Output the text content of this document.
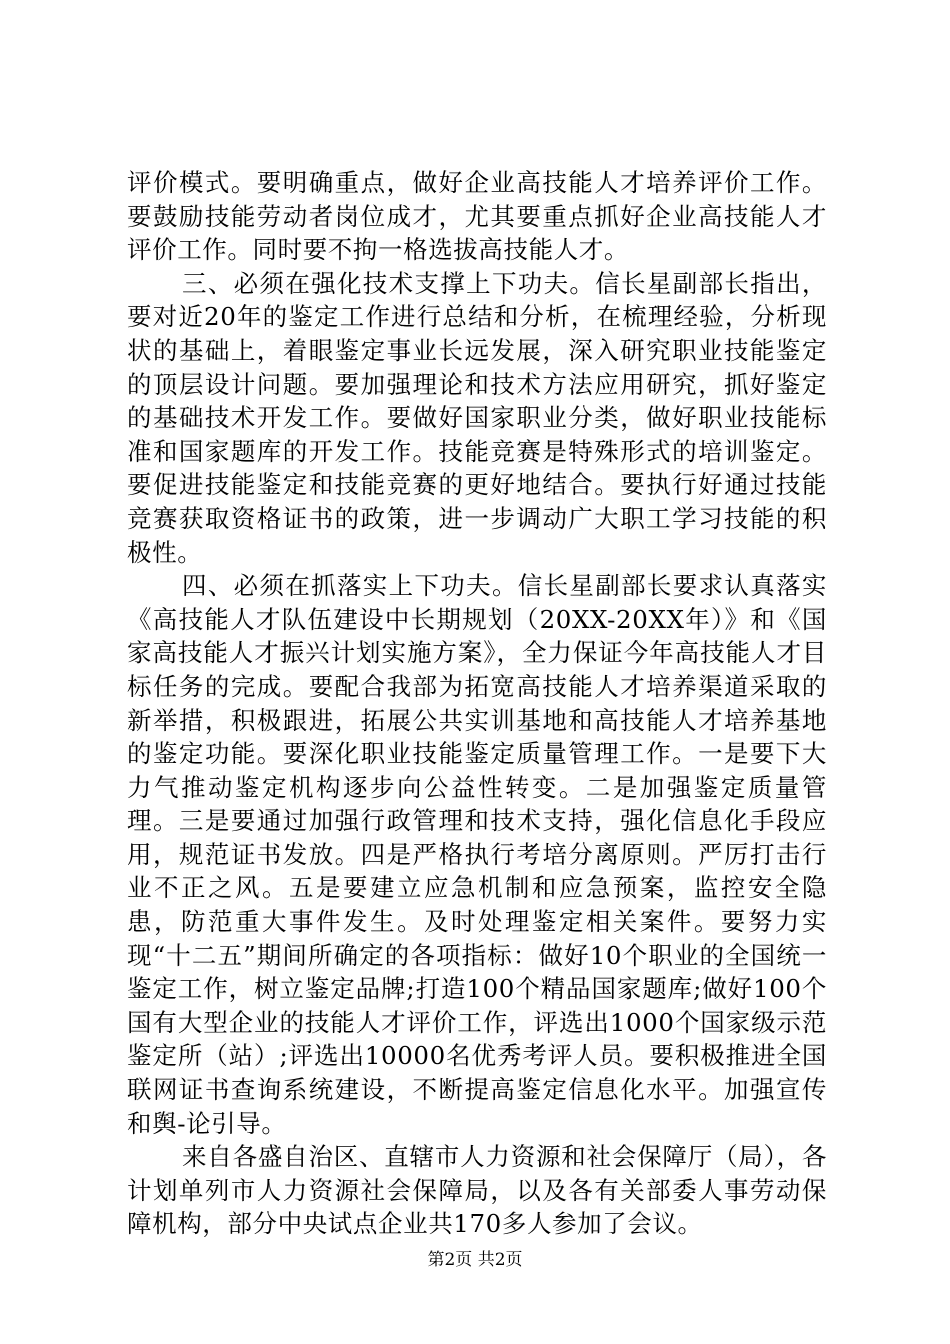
评价模式。要明确重点，做好企业高技能人才培养评价工作。要鼓励技能劳动者岗位成才，尤其要重点抓好企业高技能人才评价工作。同时要不拘一格选拔高技能人才。

三、必须在强化技术支撑上下功夫。信长星副部长指出，要对近20年的鉴定工作进行总结和分析，在梳理经验，分析现状的基础上，着眼鉴定事业长远发展，深入研究职业技能鉴定的顶层设计问题。要加强理论和技术方法应用研究，抓好鉴定的基础技术开发工作。要做好国家职业分类，做好职业技能标准和国家题库的开发工作。技能竞赛是特殊形式的培训鉴定。要促进技能鉴定和技能竞赛的更好地结合。要执行好通过技能竞赛获取资格证书的政策，进一步调动广大职工学习技能的积极性。

四、必须在抓落实上下功夫。信长星副部长要求认真落实《高技能人才队伍建设中长期规划（20XX-20XX年）》和《国家高技能人才振兴计划实施方案》，全力保证今年高技能人才目标任务的完成。要配合我部为拓宽高技能人才培养渠道采取的新举措，积极跟进，拓展公共实训基地和高技能人才培养基地的鉴定功能。要深化职业技能鉴定质量管理工作。一是要下大力气推动鉴定机构逐步向公益性转变。二是加强鉴定质量管理。三是要通过加强行政管理和技术支持，强化信息化手段应用，规范证书发放。四是严格执行考培分离原则。严厉打击行业不正之风。五是要建立应急机制和应急预案，监控安全隐患，防范重大事件发生。及时处理鉴定相关案件。要努力实现“十二五”期间所确定的各项指标：做好10个职业的全国统一鉴定工作，树立鉴定品牌;打造100个精品国家题库;做好100个国有大型企业的技能人才评价工作，评选出1000个国家级示范鉴定所（站）;评选出10000名优秀考评人员。要积极推进全国联网证书查询系统建设，不断提高鉴定信息化水平。加强宣传和舆-论引导。

来自各盛自治区、直辖市人力资源和社会保障厅（局），各计划单列市人力资源社会保障局，以及各有关部委人事劳动保障机构，部分中央试点企业共170多人参加了会议。

第2页 共2页
